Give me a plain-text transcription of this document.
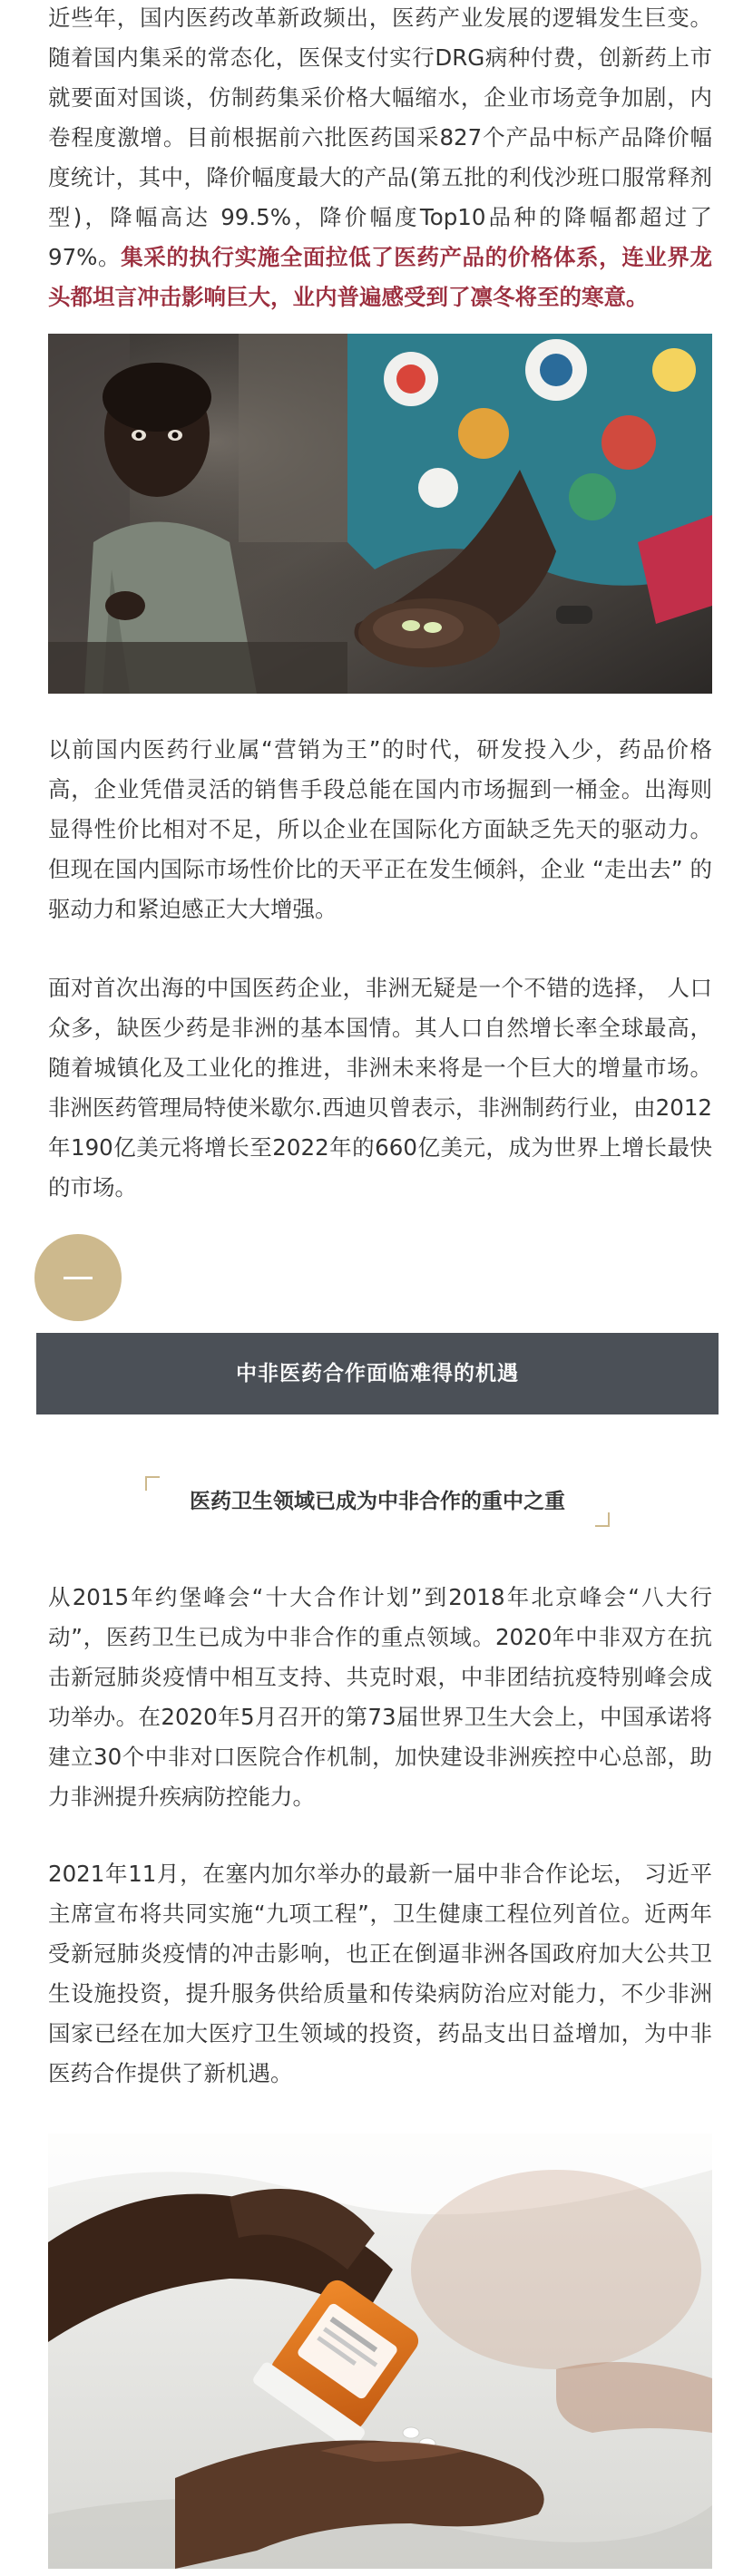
近些年，国内医药改革新政频出，医药产业发展的逻辑发生巨变。随着国内集采的常态化，医保支付实行DRG病种付费，创新药上市就要面对国谈，仿制药集采价格大幅缩水，企业市场竞争加剧，内卷程度激增。目前根据前六批医药国采827个产品中标产品降价幅度统计，其中，降价幅度最大的产品(第五批的利伐沙班口服常释剂型)，降幅高达 99.5%，降价幅度Top10品种的降幅都超过了97%。集采的执行实施全面拉低了医药产品的价格体系，连业界龙头都坦言冲击影响巨大，业内普遍感受到了凛冬将至的寒意。

以前国内医药行业属“营销为王”的时代，研发投入少，药品价格高，企业凭借灵活的销售手段总能在国内市场掘到一桶金。出海则显得性价比相对不足，所以企业在国际化方面缺乏先天的驱动力。但现在国内国际市场性价比的天平正在发生倾斜，企业 “走出去” 的驱动力和紧迫感正大大增强。

面对首次出海的中国医药企业，非洲无疑是一个不错的选择， 人口众多，缺医少药是非洲的基本国情。其人口自然增长率全球最高，随着城镇化及工业化的推进，非洲未来将是一个巨大的增量市场。非洲医药管理局特使米歇尔.西迪贝曾表示，非洲制药行业，由2012年190亿美元将增长至2022年的660亿美元，成为世界上增长最快的市场。

中非医药合作面临难得的机遇
医药卫生领域已成为中非合作的重中之重

从2015年约堡峰会“十大合作计划”到2018年北京峰会“八大行动”，医药卫生已成为中非合作的重点领域。2020年中非双方在抗击新冠肺炎疫情中相互支持、共克时艰，中非团结抗疫特别峰会成功举办。在2020年5月召开的第73届世界卫生大会上，中国承诺将建立30个中非对口医院合作机制，加快建设非洲疾控中心总部，助力非洲提升疾病防控能力。

2021年11月，在塞内加尔举办的最新一届中非合作论坛， 习近平主席宣布将共同实施“九项工程”，卫生健康工程位列首位。近两年受新冠肺炎疫情的冲击影响，也正在倒逼非洲各国政府加大公共卫生设施投资，提升服务供给质量和传染病防治应对能力，不少非洲国家已经在加大医疗卫生领域的投资，药品支出日益增加，为中非医药合作提供了新机遇。
